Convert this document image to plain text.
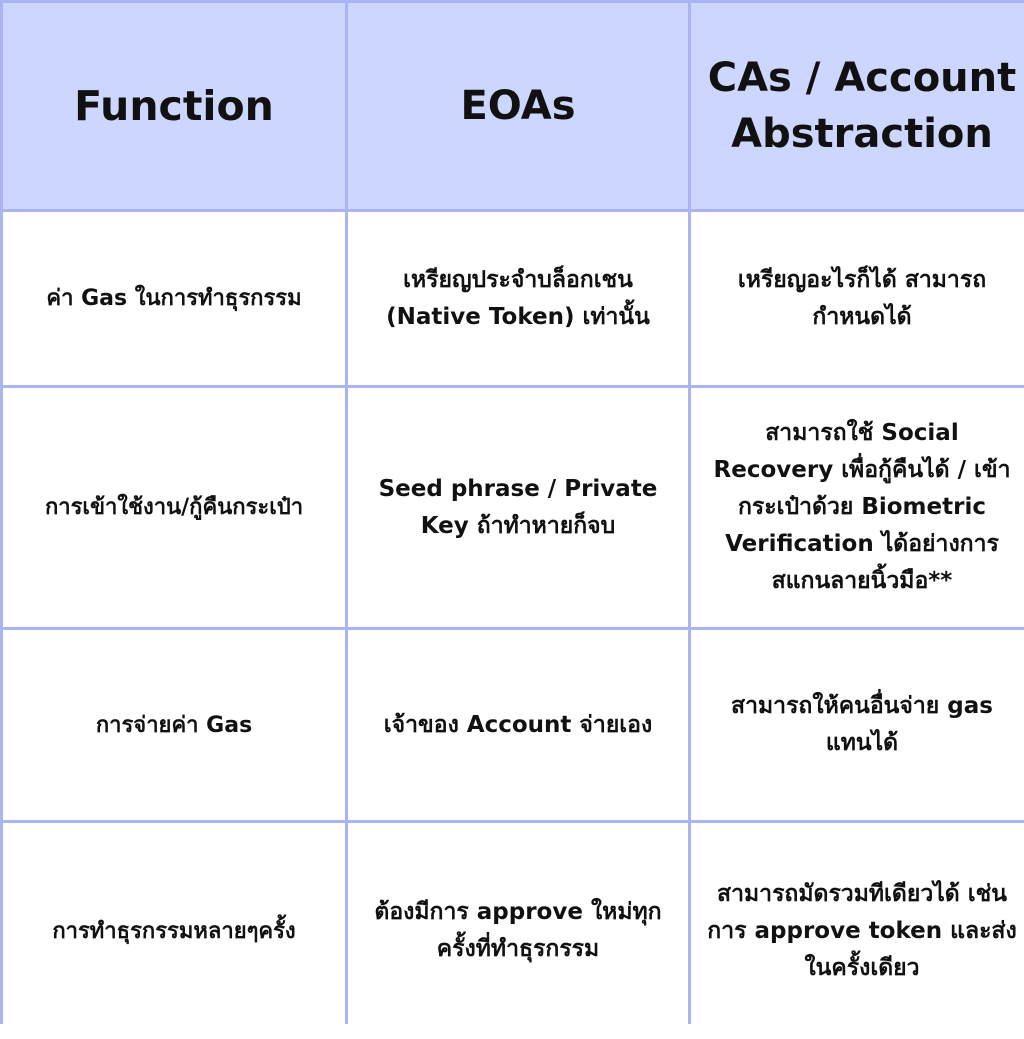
Function	EOAs
CAs / Account Abstraction
ค่า Gas ในการทำธุรกรรม
เหรียญประจำบล็อกเชน (Native Token) เท่านั้น
เหรียญอะไรก็ได้ สามารถกำหนดได้
การเข้าใช้งาน/กู้คืนกระเป๋า
Seed phrase / Private Key ถ้าทำหายก็จบ
สามารถใช้ Social Recovery เพื่อกู้คืนได้ / เข้ากระเป๋าด้วย Biometric Verification ได้อย่างการสแกนลายนิ้วมือ**
การจ่ายค่า Gas	เจ้าของ Account จ่ายเอง
สามารถให้คนอื่นจ่าย gas แทนได้
การทำธุรกรรมหลายๆครั้ง
ต้องมีการ approve ใหม่ทุกครั้งที่ทำธุรกรรม
สามารถมัดรวมทีเดียวได้ เช่น การ approve token และส่งในครั้งเดียว
